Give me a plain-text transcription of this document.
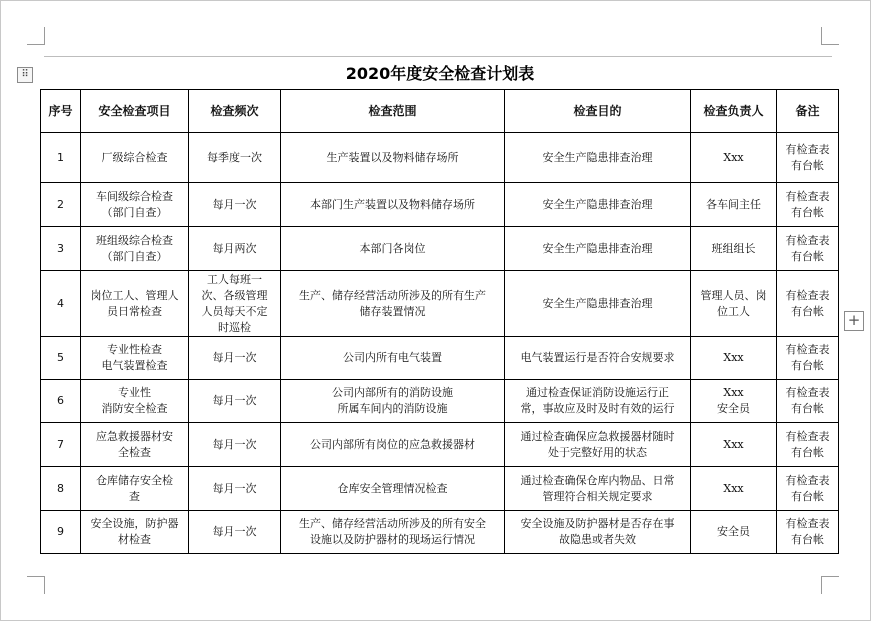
⠿
+
2020年度安全检查计划表
序号	安全检查项目	检查频次	检查范围	检查目的	检查负责人	备注
1	厂级综合检查	每季度一次	生产装置以及物料储存场所	安全生产隐患排查治理	Xxx	有检查表
有台帐
2	车间级综合检查
（部门自查）	每月一次	本部门生产装置以及物料储存场所	安全生产隐患排查治理	各车间主任	有检查表
有台帐
3	班组级综合检查
（部门自查）	每月两次	本部门各岗位	安全生产隐患排查治理	班组组长	有检查表
有台帐
4	岗位工人、管理人
员日常检查	工人每班一
次、各级管理
人员每天不定
时巡检	生产、储存经营活动所涉及的所有生产
储存装置情况	安全生产隐患排查治理	管理人员、岗
位工人	有检查表
有台帐
5	专业性检查
电气装置检查	每月一次	公司内所有电气装置	电气装置运行是否符合安规要求	Xxx	有检查表
有台帐
6	专业性
消防安全检查	每月一次	公司内部所有的消防设施
所属车间内的消防设施	通过检查保证消防设施运行正
常，事故应及时及时有效的运行	Xxx
安全员	有检查表
有台帐
7	应急救援器材安
全检查	每月一次	公司内部所有岗位的应急救援器材	通过检查确保应急救援器材随时
处于完整好用的状态	Xxx	有检查表
有台帐
8	仓库储存安全检
查	每月一次	仓库安全管理情况检查	通过检查确保仓库内物品、日常
管理符合相关规定要求	Xxx	有检查表
有台帐
9	安全设施，防护器
材检查	每月一次	生产、储存经营活动所涉及的所有安全
设施以及防护器材的现场运行情况	安全设施及防护器材是否存在事
故隐患或者失效	安全员	有检查表
有台帐
